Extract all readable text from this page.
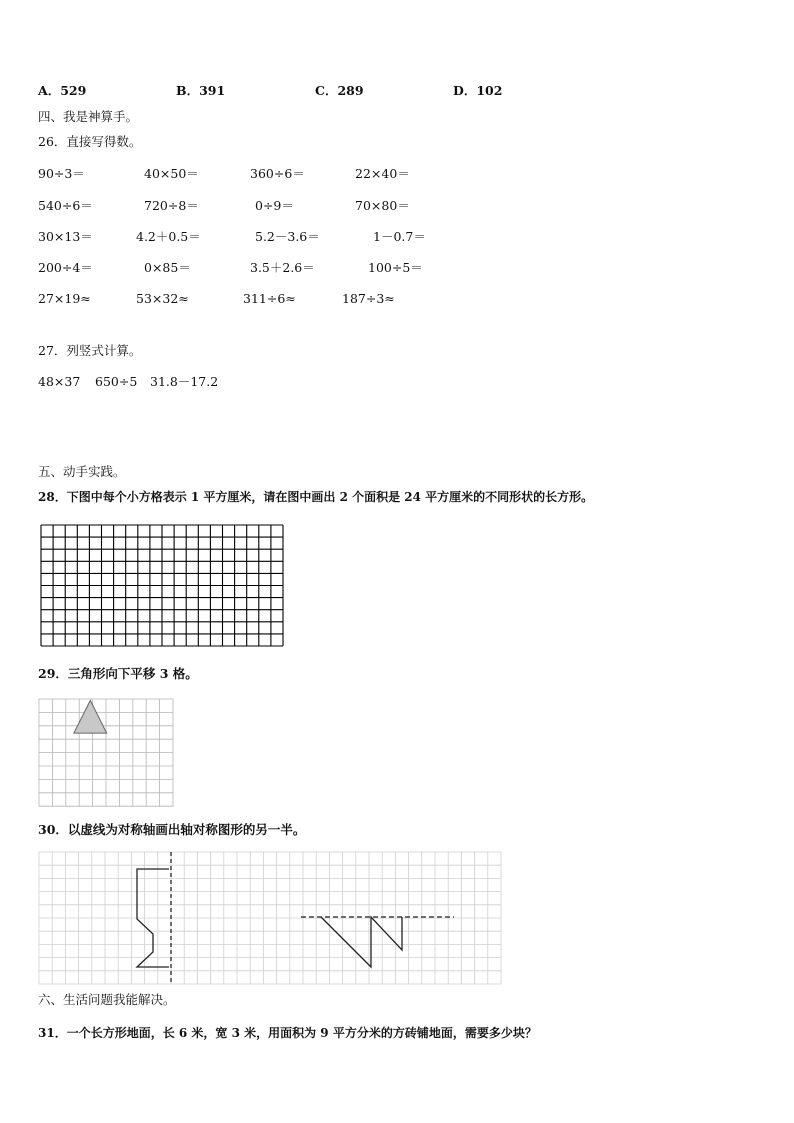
A．529	B．391	C．289	D．102
四、我是神算手。
26．直接写得数。
90÷3＝	40×50＝	360÷6＝	22×40＝
540÷6＝	720÷8＝	0÷9＝	70×80＝
30×13＝	4.2＋0.5＝	5.2－3.6＝	1－0.7＝
200÷4＝	0×85＝	3.5＋2.6＝	100÷5＝
27×19≈	53×32≈	311÷6≈	187÷3≈
27．列竖式计算。
48×37 650÷5 31.8－17.2
五、动手实践。
28．下图中每个小方格表示 1 平方厘米，请在图中画出 2 个面积是 24 平方厘米的不同形状的长方形。
29．三角形向下平移 3 格。
30．以虚线为对称轴画出轴对称图形的另一半。
六、生活问题我能解决。
31．一个长方形地面，长 6 米，宽 3 米，用面积为 9 平方分米的方砖铺地面，需要多少块？
